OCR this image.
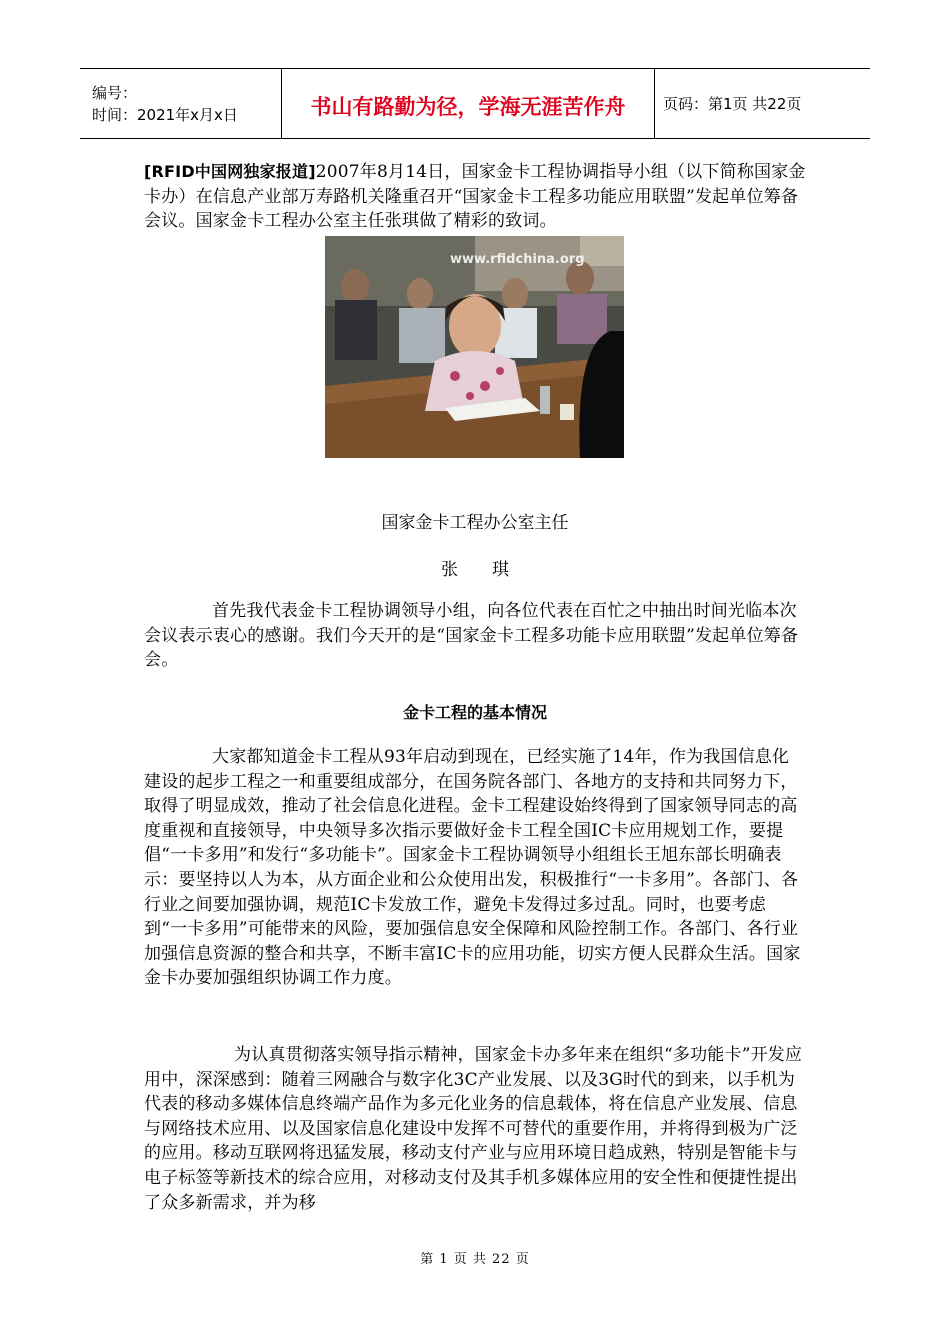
编号：
时间：2021年x月x日	书山有路勤为径，学海无涯苦作舟	页码：第1页 共22页

[RFID中国网独家报道]2007年8月14日，国家金卡工程协调指导小组（以下简称国家金卡办）在信息产业部万寿路机关隆重召开“国家金卡工程多功能应用联盟”发起单位筹备会议。国家金卡工程办公室主任张琪做了精彩的致词。

www.rfidchina.org

国家金卡工程办公室主任

张　　琪

首先我代表金卡工程协调领导小组，向各位代表在百忙之中抽出时间光临本次会议表示衷心的感谢。我们今天开的是“国家金卡工程多功能卡应用联盟”发起单位筹备会。

金卡工程的基本情况

大家都知道金卡工程从93年启动到现在，已经实施了14年，作为我国信息化建设的起步工程之一和重要组成部分，在国务院各部门、各地方的支持和共同努力下，取得了明显成效，推动了社会信息化进程。金卡工程建设始终得到了国家领导同志的高度重视和直接领导，中央领导多次指示要做好金卡工程全国IC卡应用规划工作，要提倡“一卡多用”和发行“多功能卡”。国家金卡工程协调领导小组组长王旭东部长明确表示：要坚持以人为本，从方面企业和公众使用出发，积极推行“一卡多用”。各部门、各行业之间要加强协调，规范IC卡发放工作，避免卡发得过多过乱。同时，也要考虑到“一卡多用”可能带来的风险，要加强信息安全保障和风险控制工作。各部门、各行业加强信息资源的整合和共享，不断丰富IC卡的应用功能，切实方便人民群众生活。国家金卡办要加强组织协调工作力度。

为认真贯彻落实领导指示精神，国家金卡办多年来在组织“多功能卡”开发应用中，深深感到：随着三网融合与数字化3C产业发展、以及3G时代的到来，以手机为代表的移动多媒体信息终端产品作为多元化业务的信息载体，将在信息产业发展、信息与网络技术应用、以及国家信息化建设中发挥不可替代的重要作用，并将得到极为广泛的应用。移动互联网将迅猛发展，移动支付产业与应用环境日趋成熟，特别是智能卡与电子标签等新技术的综合应用，对移动支付及其手机多媒体应用的安全性和便捷性提出了众多新需求，并为移

第 1 页 共 22 页
